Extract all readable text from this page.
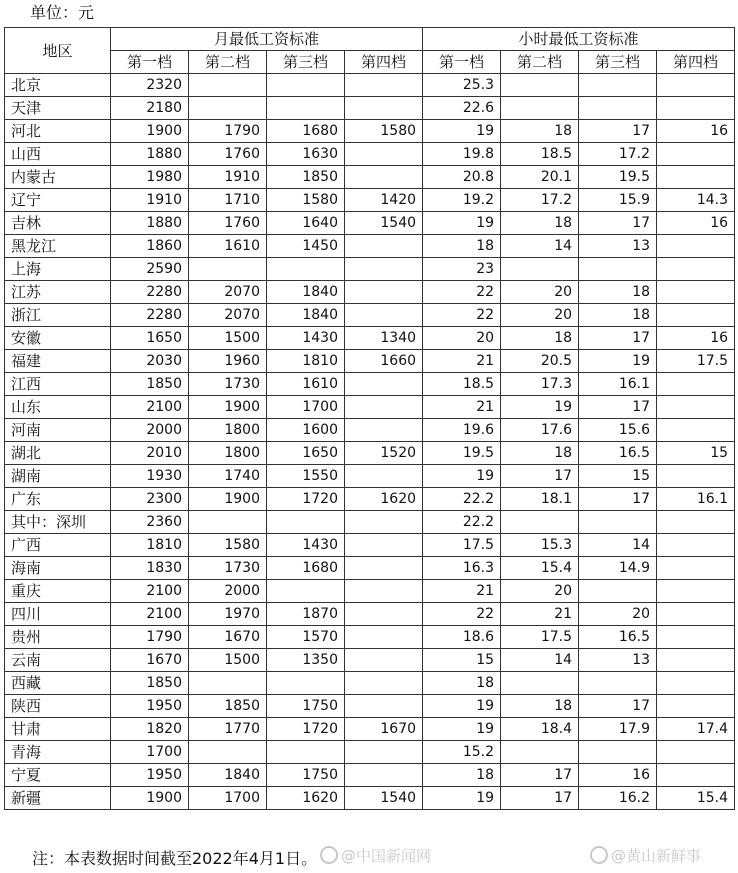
单位：元
地区	月最低工资标准				小时最低工资标准			
	第一档	第二档	第三档	第四档	第一档	第二档	第三档	第四档
北京	2320				25.3			
天津	2180				22.6			
河北	1900	1790	1680	1580	19	18	17	16
山西	1880	1760	1630		19.8	18.5	17.2	
内蒙古	1980	1910	1850		20.8	20.1	19.5	
辽宁	1910	1710	1580	1420	19.2	17.2	15.9	14.3
吉林	1880	1760	1640	1540	19	18	17	16
黑龙江	1860	1610	1450		18	14	13	
上海	2590				23			
江苏	2280	2070	1840		22	20	18	
浙江	2280	2070	1840		22	20	18	
安徽	1650	1500	1430	1340	20	18	17	16
福建	2030	1960	1810	1660	21	20.5	19	17.5
江西	1850	1730	1610		18.5	17.3	16.1	
山东	2100	1900	1700		21	19	17	
河南	2000	1800	1600		19.6	17.6	15.6	
湖北	2010	1800	1650	1520	19.5	18	16.5	15
湖南	1930	1740	1550		19	17	15	
广东	2300	1900	1720	1620	22.2	18.1	17	16.1
其中：深圳	2360				22.2			
广西	1810	1580	1430		17.5	15.3	14	
海南	1830	1730	1680		16.3	15.4	14.9	
重庆	2100	2000			21	20		
四川	2100	1970	1870		22	21	20	
贵州	1790	1670	1570		18.6	17.5	16.5	
云南	1670	1500	1350		15	14	13	
西藏	1850				18			
陕西	1950	1850	1750		19	18	17	
甘肃	1820	1770	1720	1670	19	18.4	17.9	17.4
青海	1700				15.2			
宁夏	1950	1840	1750		18	17	16	
新疆	1900	1700	1620	1540	19	17	16.2	15.4
注：本表数据时间截至2022年4月1日。	@中国新闻网	@黄山新鲜事
